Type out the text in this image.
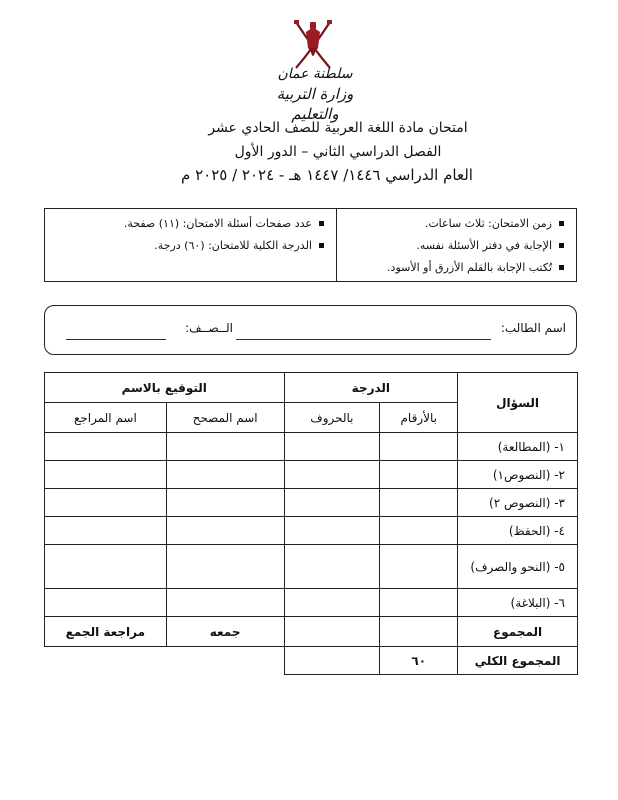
سلطنة عمان
وزارة التربية والتعليم
امتحان مادة اللغة العربية للصف الحادي عشر
الفصل الدراسي الثاني – الدور الأول
العام الدراسي ١٤٤٦/ ١٤٤٧ هـ - ٢٠٢٤ / ٢٠٢٥ م
زمن الامتحان: ثلاث ساعات.
الإجابة في دفتر الأسئلة نفسه.
تُكتب الإجابة بالقلم الأزرق أو الأسود.
عدد صفحات أسئلة الامتحان: (١١) صفحة.
الدرجة الكلية للامتحان: (٦٠) درجة.
اسم الطالب:
الــصــف:
السؤال	الدرجة		التوقيع بالاسم	
	بالأرقام	بالحروف	اسم المصحح	اسم المراجع
١- (المطالعة)				
٢- (النصوص١)				
٣- (النصوص ٢)				
٤- (الحفظ)				
٥- (النحو والصرف)				
٦- (البلاغة)				
المجموع			جمعه	مراجعة الجمع
المجموع الكلي	٦٠			
